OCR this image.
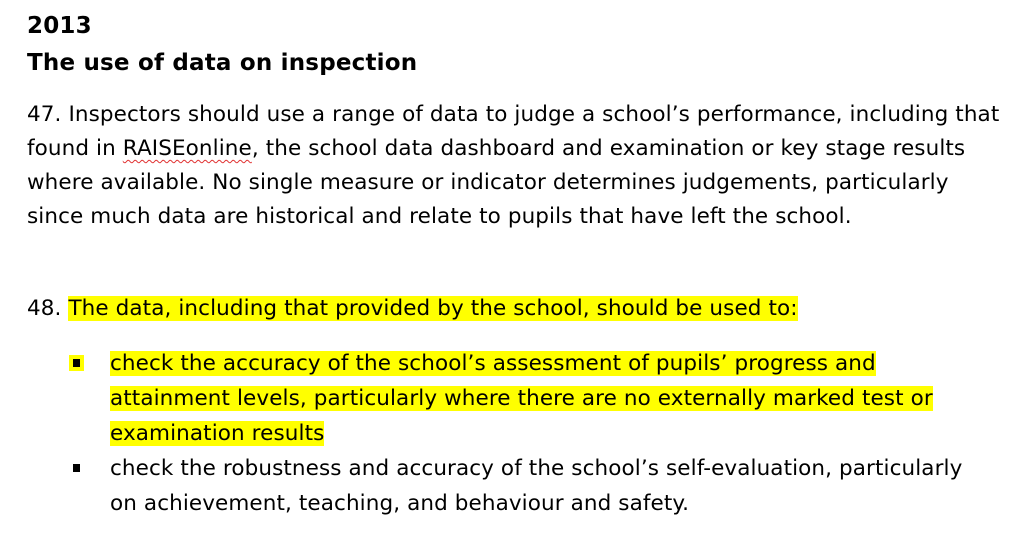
2013
The use of data on inspection

47. Inspectors should use a range of data to judge a school’s performance, including that found in RAISEonline, the school data dashboard and examination or key stage results where available. No single measure or indicator determines judgements, particularly since much data are historical and relate to pupils that have left the school.

48. The data, including that provided by the school, should be used to:

check the accuracy of the school’s assessment of pupils’ progress and attainment levels, particularly where there are no externally marked test or examination results
check the robustness and accuracy of the school’s self-evaluation, particularly on achievement, teaching, and behaviour and safety.
